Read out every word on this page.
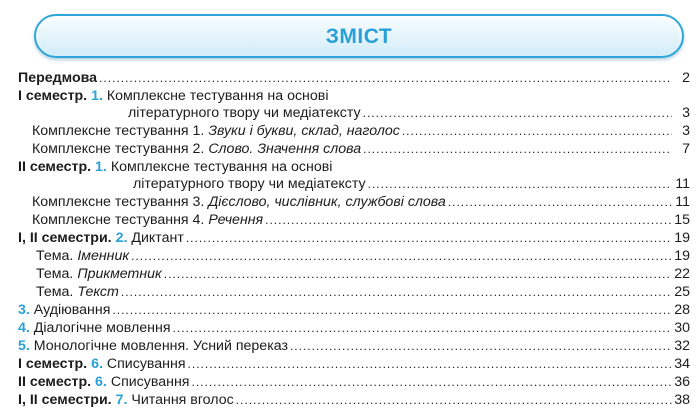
ЗМІСТ
Передмова .....	2
I семестр. 1. Комплексне тестування на основі
літературного твору чи медіатексту .....	3
Комплексне тестування 1. Звуки і букви, склад, наголос .....	3
Комплексне тестування 2. Слово. Значення слова .....	7
II семестр. 1. Комплексне тестування на основі
літературного твору чи медіатексту .....	11
Комплексне тестування 3. Дієслово, числівник, службові слова .....	11
Комплексне тестування 4. Речення .....	15
I, II семестри. 2. Диктант .....	19
Тема. Іменник .....	19
Тема. Прикметник .....	22
Тема. Текст .....	25
3. Аудіювання .....	28
4. Діалогічне мовлення .....	30
5. Монологічне мовлення. Усний переказ .....	32
I семестр. 6. Списування .....	34
II семестр. 6. Списування .....	36
I, II семестри. 7. Читання вголос .....	38
